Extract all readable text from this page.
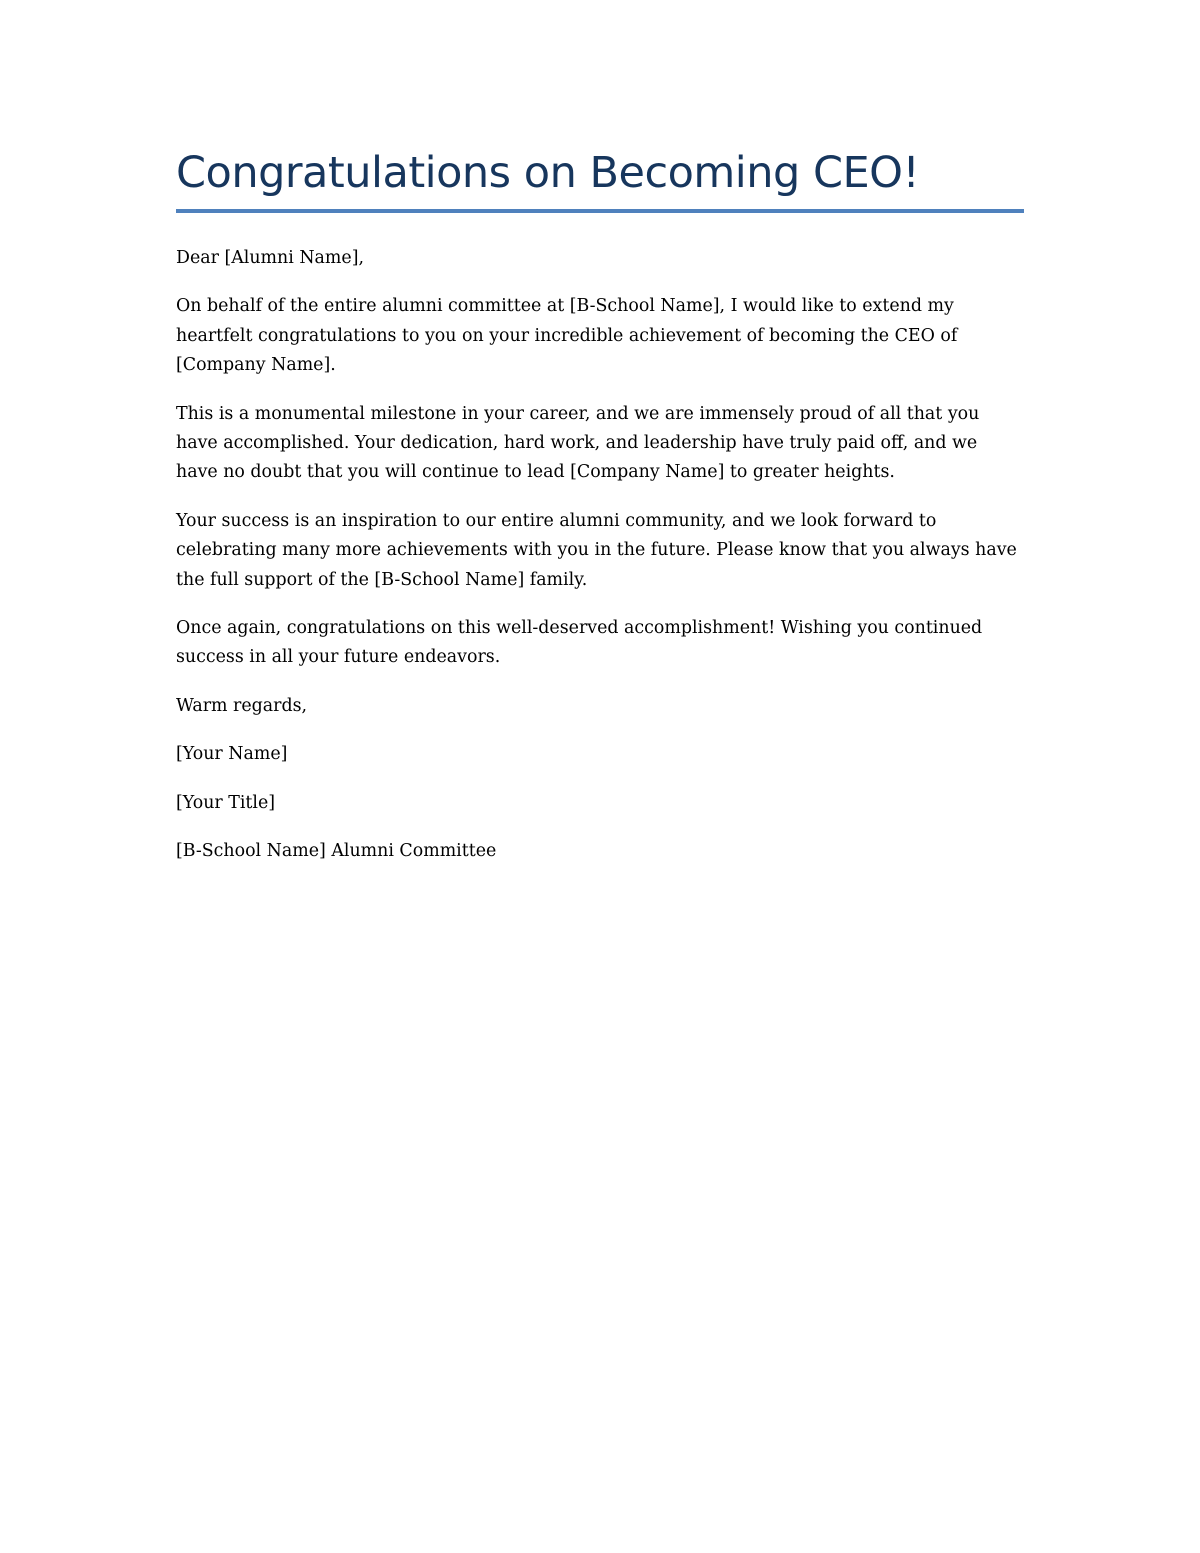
Congratulations on Becoming CEO!

Dear [Alumni Name],

On behalf of the entire alumni committee at [B-School Name], I would like to extend my heartfelt congratulations to you on your incredible achievement of becoming the CEO of [Company Name].

This is a monumental milestone in your career, and we are immensely proud of all that you have accomplished. Your dedication, hard work, and leadership have truly paid off, and we have no doubt that you will continue to lead [Company Name] to greater heights.

Your success is an inspiration to our entire alumni community, and we look forward to celebrating many more achievements with you in the future. Please know that you always have the full support of the [B-School Name] family.

Once again, congratulations on this well-deserved accomplishment! Wishing you continued success in all your future endeavors.

Warm regards,

[Your Name]

[Your Title]

[B-School Name] Alumni Committee
